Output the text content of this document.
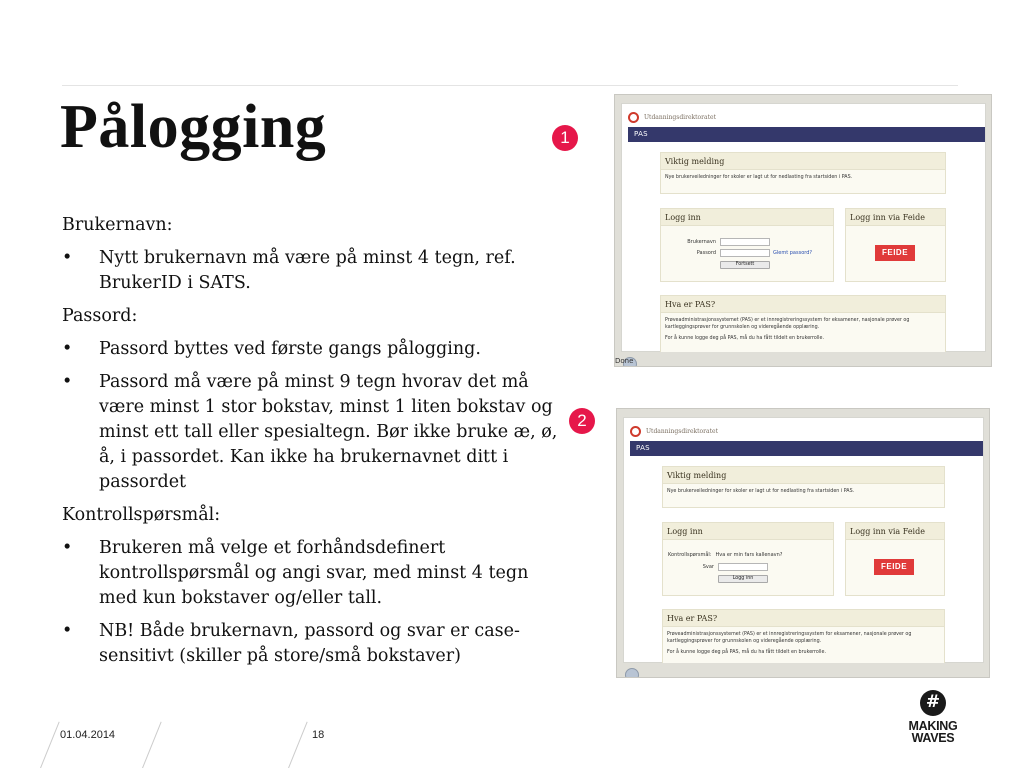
Pålogging

Brukernavn:

• Nytt brukernavn må være på minst 4 tegn, ref. BrukerID i SATS.

Passord:

• Passord byttes ved første gangs pålogging.
• Passord må være på minst 9 tegn hvorav det må være minst 1 stor bokstav, minst 1 liten bokstav og minst ett tall eller spesialtegn. Bør ikke bruke æ, ø, å, i passordet. Kan ikke ha brukernavnet ditt i passordet

Kontrollspørsmål:

• Brukeren må velge et forhåndsdefinert kontrollspørsmål og angi svar, med minst 4 tegn med kun bokstaver og/eller tall.
• NB! Både brukernavn, passord og svar er case-sensitivt (skiller på store/små bokstaver)
1
2
Utdanningsdirektoratet
PAS
Viktig melding
Nye brukerveiledninger for skoler er lagt ut for nedlasting fra startsiden i PAS.
Logg inn
Brukernavn
Passord	Glemt passord?
Fortsett
Logg inn via Feide
FEIDE
Hva er PAS?
Prøveadministrasjonssystemet (PAS) er et innregistreringssystem for eksamener, nasjonale prøver og kartleggingsprøver for grunnskolen og videregående opplæring.
For å kunne logge deg på PAS, må du ha fått tildelt en brukerrolle.
Done
Utdanningsdirektoratet
PAS
Viktig melding
Nye brukerveiledninger for skoler er lagt ut for nedlasting fra startsiden i PAS.
Logg inn
Kontrollspørsmål: Hva er min fars kallenavn?
Svar
Logg inn
Logg inn via Feide
FEIDE
Hva er PAS?
Prøveadministrasjonssystemet (PAS) er et innregistreringssystem for eksamener, nasjonale prøver og kartleggingsprøver for grunnskolen og videregående opplæring.
For å kunne logge deg på PAS, må du ha fått tildelt en brukerrolle.
01.04.2014	18
#
MAKING
WAVES
